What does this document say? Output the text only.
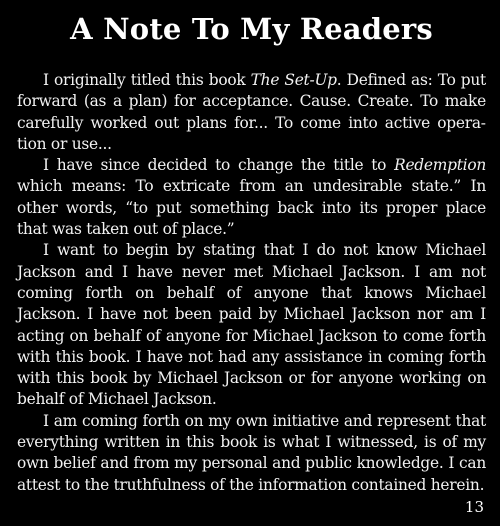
A Note To My Readers

I originally titled this book The Set-Up. Defined as: To put forward (as a plan) for acceptance. Cause. Create. To make carefully worked out plans for... To come into active operation or use...

I have since decided to change the title to Redemption which means: To extricate from an undesirable state.” In other words, “to put something back into its proper place that was taken out of place.”

I want to begin by stating that I do not know Michael Jackson and I have never met Michael Jackson. I am not coming forth on behalf of anyone that knows Michael Jackson. I have not been paid by Michael Jackson nor am I acting on behalf of anyone for Michael Jackson to come forth with this book. I have not had any assistance in coming forth with this book by Michael Jackson or for anyone working on behalf of Michael Jackson.

I am coming forth on my own initiative and represent that everything written in this book is what I witnessed, is of my own belief and from my personal and public knowledge. I can attest to the truthfulness of the information contained herein.

13
